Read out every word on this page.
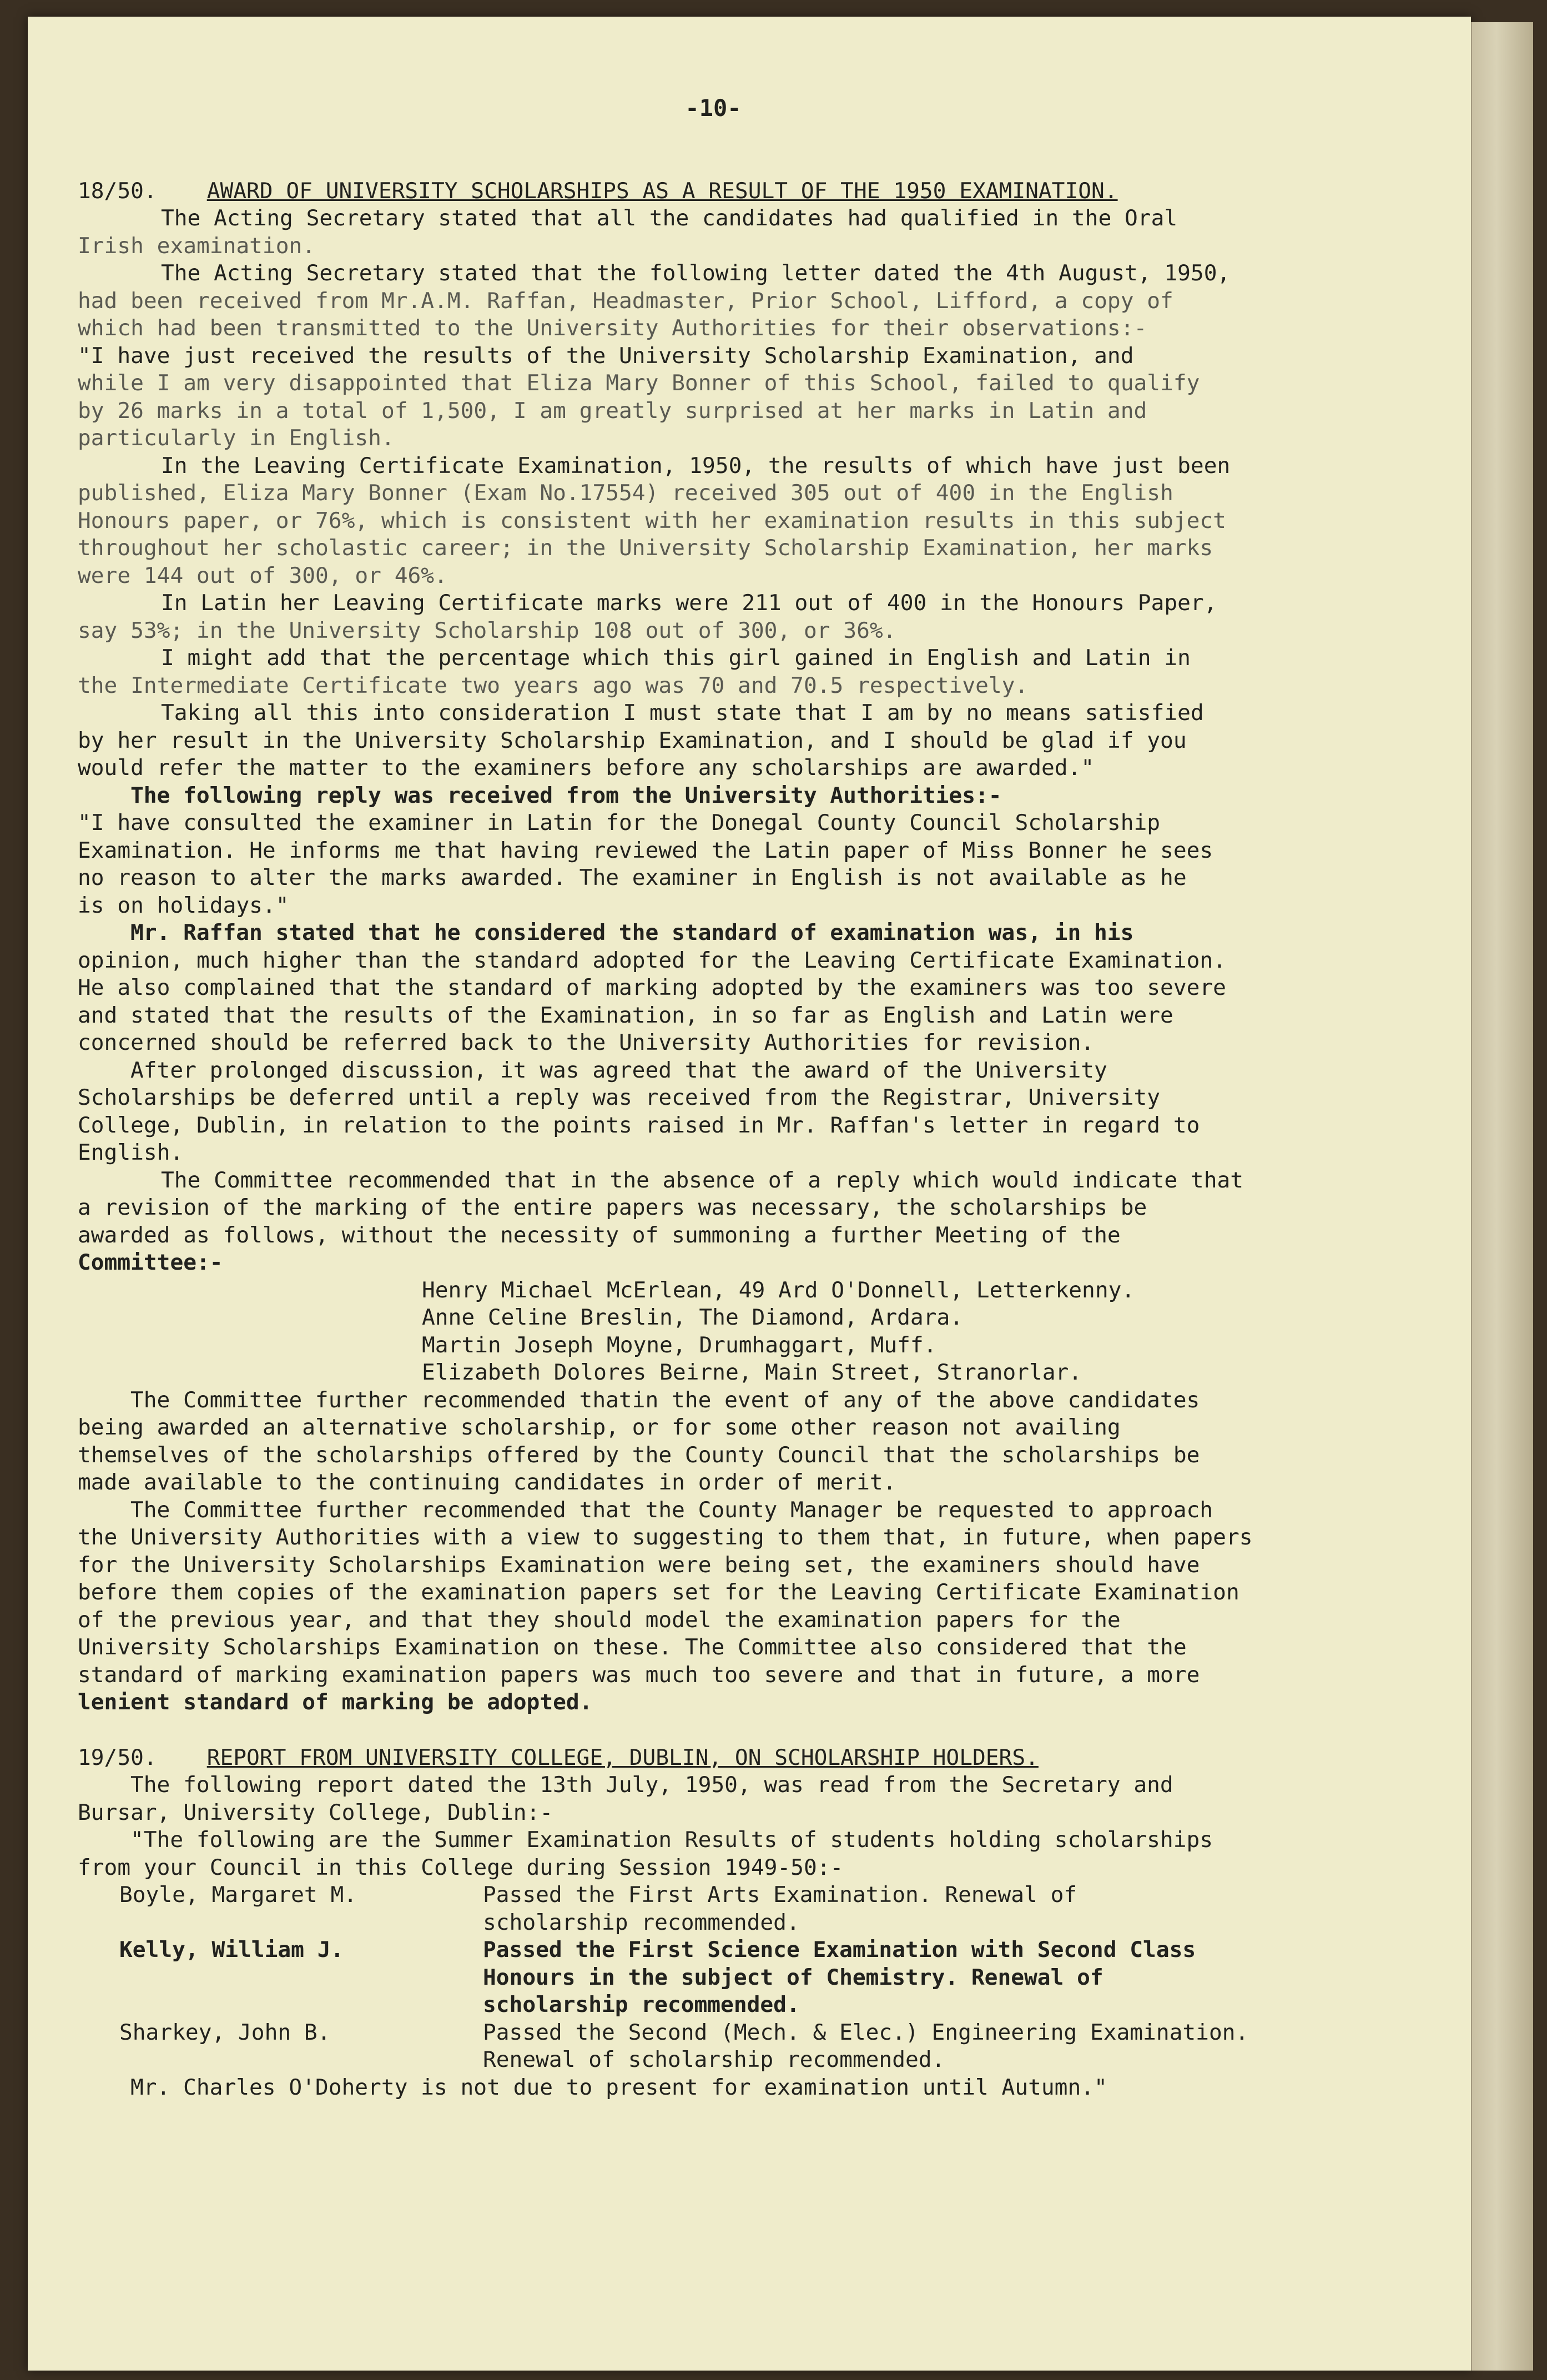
-10-
18/50. AWARD OF UNIVERSITY SCHOLARSHIPS AS A RESULT OF THE 1950 EXAMINATION.
The Acting Secretary stated that all the candidates had qualified in the Oral
Irish examination.
The Acting Secretary stated that the following letter dated the 4th August, 1950,
had been received from Mr.A.M. Raffan, Headmaster, Prior School, Lifford, a copy of
which had been transmitted to the University Authorities for their observations:-
"I have just received the results of the University Scholarship Examination, and
while I am very disappointed that Eliza Mary Bonner of this School, failed to qualify
by 26 marks in a total of 1,500, I am greatly surprised at her marks in Latin and
particularly in English.
In the Leaving Certificate Examination, 1950, the results of which have just been
published, Eliza Mary Bonner (Exam No.17554) received 305 out of 400 in the English
Honours paper, or 76%, which is consistent with her examination results in this subject
throughout her scholastic career; in the University Scholarship Examination, her marks
were 144 out of 300, or 46%.
In Latin her Leaving Certificate marks were 211 out of 400 in the Honours Paper,
say 53%; in the University Scholarship 108 out of 300, or 36%.
I might add that the percentage which this girl gained in English and Latin in
the Intermediate Certificate two years ago was 70 and 70.5 respectively.
Taking all this into consideration I must state that I am by no means satisfied
by her result in the University Scholarship Examination, and I should be glad if you
would refer the matter to the examiners before any scholarships are awarded."
The following reply was received from the University Authorities:-
"I have consulted the examiner in Latin for the Donegal County Council Scholarship
Examination. He informs me that having reviewed the Latin paper of Miss Bonner he sees
no reason to alter the marks awarded. The examiner in English is not available as he
is on holidays."
Mr. Raffan stated that he considered the standard of examination was, in his
opinion, much higher than the standard adopted for the Leaving Certificate Examination.
He also complained that the standard of marking adopted by the examiners was too severe
and stated that the results of the Examination, in so far as English and Latin were
concerned should be referred back to the University Authorities for revision.
After prolonged discussion, it was agreed that the award of the University
Scholarships be deferred until a reply was received from the Registrar, University
College, Dublin, in relation to the points raised in Mr. Raffan's letter in regard to
English.
The Committee recommended that in the absence of a reply which would indicate that
a revision of the marking of the entire papers was necessary, the scholarships be
awarded as follows, without the necessity of summoning a further Meeting of the
Committee:-
Henry Michael McErlean, 49 Ard O'Donnell, Letterkenny.
Anne Celine Breslin, The Diamond, Ardara.
Martin Joseph Moyne, Drumhaggart, Muff.
Elizabeth Dolores Beirne, Main Street, Stranorlar.
The Committee further recommended thatin the event of any of the above candidates
being awarded an alternative scholarship, or for some other reason not availing
themselves of the scholarships offered by the County Council that the scholarships be
made available to the continuing candidates in order of merit.
The Committee further recommended that the County Manager be requested to approach
the University Authorities with a view to suggesting to them that, in future, when papers
for the University Scholarships Examination were being set, the examiners should have
before them copies of the examination papers set for the Leaving Certificate Examination
of the previous year, and that they should model the examination papers for the
University Scholarships Examination on these. The Committee also considered that the
standard of marking examination papers was much too severe and that in future, a more
lenient standard of marking be adopted.
19/50. REPORT FROM UNIVERSITY COLLEGE, DUBLIN, ON SCHOLARSHIP HOLDERS.
The following report dated the 13th July, 1950, was read from the Secretary and
Bursar, University College, Dublin:-
"The following are the Summer Examination Results of students holding scholarships
from your Council in this College during Session 1949-50:-
Boyle, Margaret M.	Passed the First Arts Examination. Renewal of
scholarship recommended.
Kelly, William J.	Passed the First Science Examination with Second Class
Honours in the subject of Chemistry. Renewal of
scholarship recommended.
Sharkey, John B.	Passed the Second (Mech. & Elec.) Engineering Examination.
Renewal of scholarship recommended.
Mr. Charles O'Doherty is not due to present for examination until Autumn."
